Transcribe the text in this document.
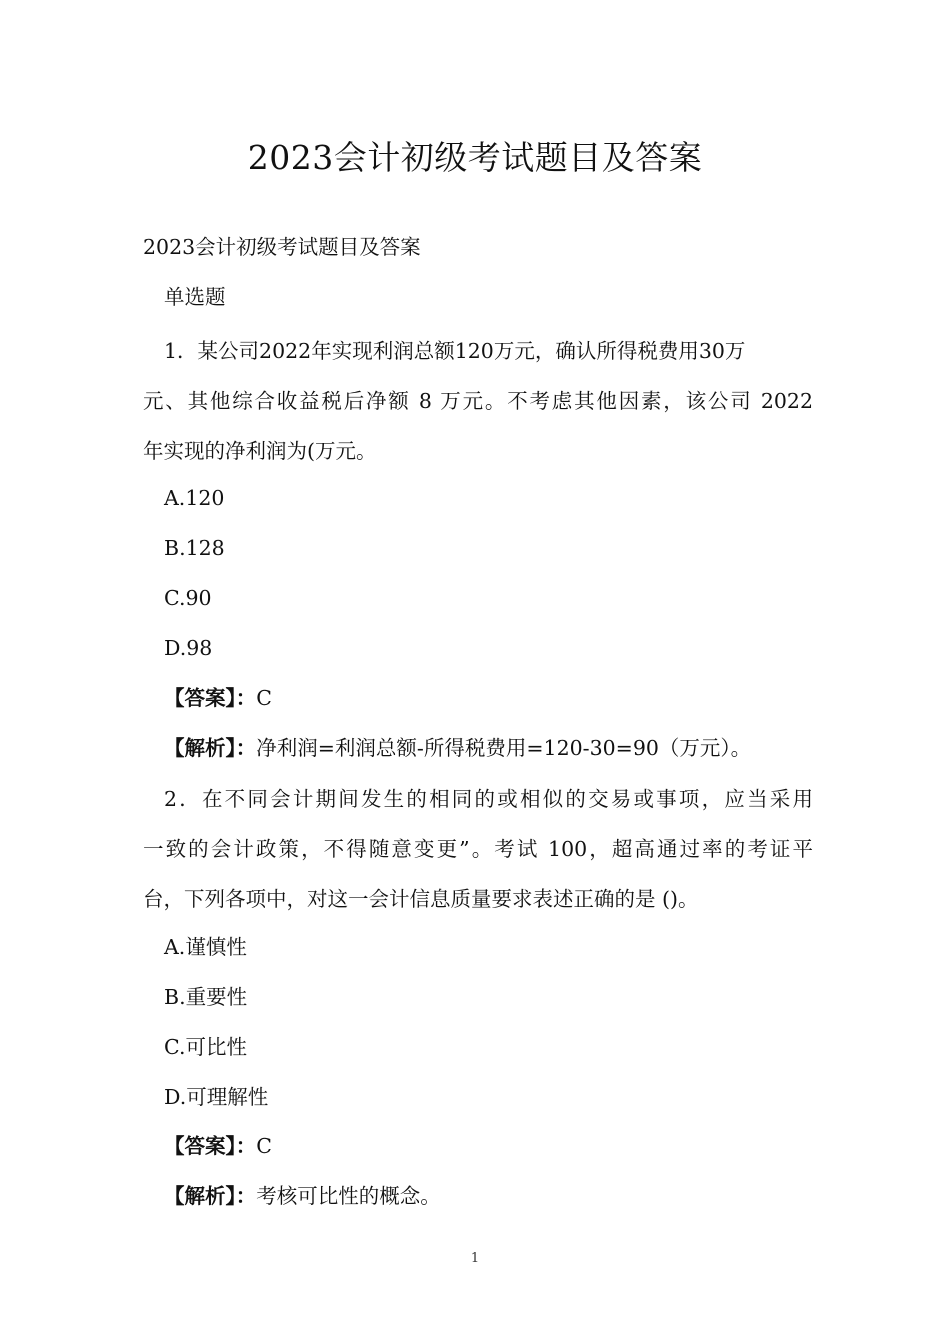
2023会计初级考试题目及答案
2023会计初级考试题目及答案
单选题
1．某公司2022年实现利润总额120万元，确认所得税费用30万
元、其他综合收益税后净额 8 万元。不考虑其他因素，该公司 2022
年实现的净利润为(万元。
A.120
B.128
C.90
D.98
【答案】：C
【解析】：净利润=利润总额-所得税费用=120-30=90（万元）。
2．在不同会计期间发生的相同的或相似的交易或事项，应当采用
一致的会计政策，不得随意变更”。考试 100，超高通过率的考证平
台，下列各项中，对这一会计信息质量要求表述正确的是 ()。
A.谨慎性
B.重要性
C.可比性
D.可理解性
【答案】：C
【解析】：考核可比性的概念。
1
